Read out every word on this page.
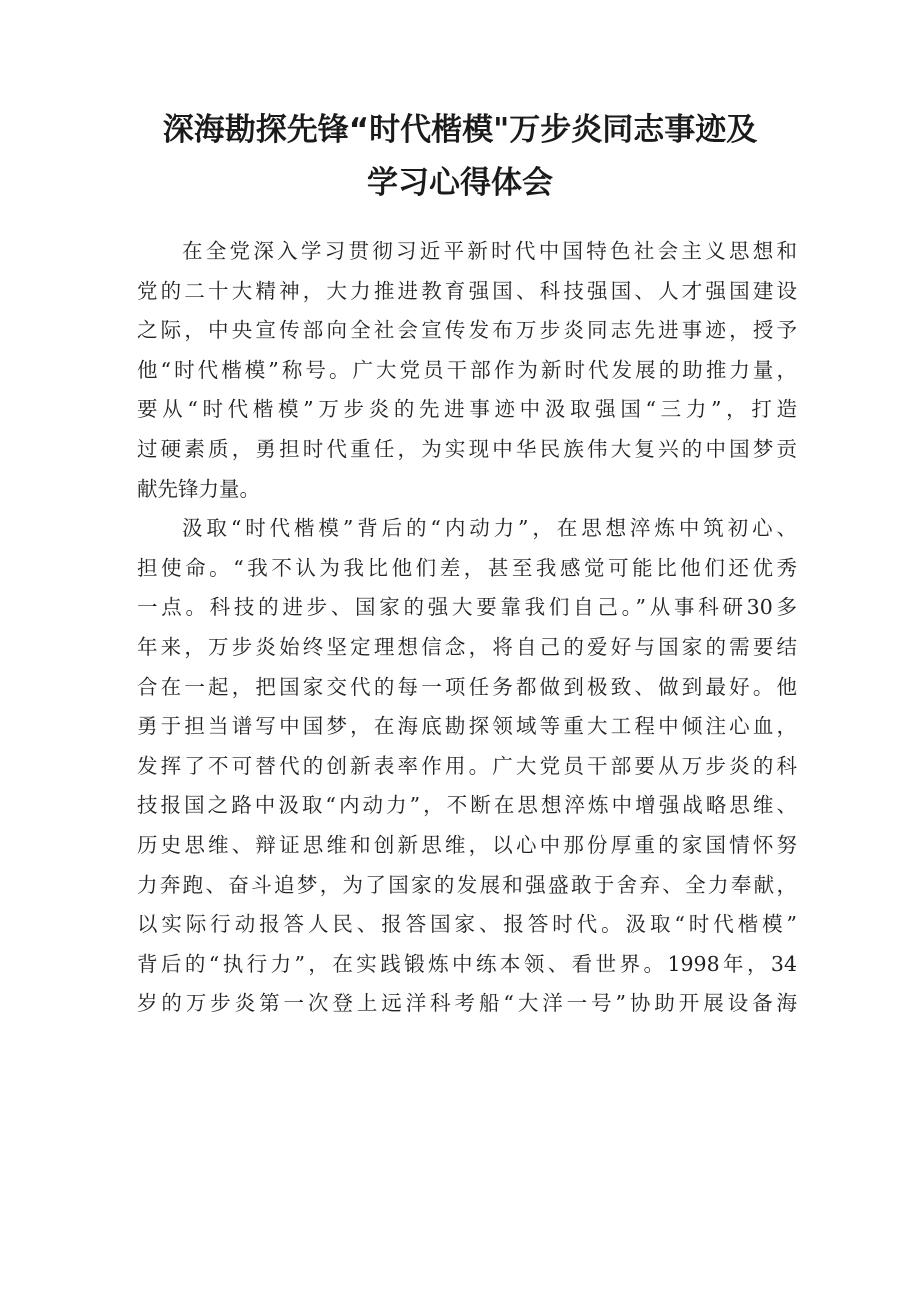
深海勘探先锋“时代楷模"万步炎同志事迹及
学习心得体会
在全党深入学习贯彻习近平新时代中国特色社会主义思想和
党的二十大精神，大力推进教育强国、科技强国、人才强国建设
之际，中央宣传部向全社会宣传发布万步炎同志先进事迹，授予
他“时代楷模”称号。广大党员干部作为新时代发展的助推力量，
要从“时代楷模”万步炎的先进事迹中汲取强国“三力”，打造
过硬素质，勇担时代重任，为实现中华民族伟大复兴的中国梦贡
献先锋力量。
汲取“时代楷模”背后的“内动力”，在思想淬炼中筑初心、
担使命。“我不认为我比他们差，甚至我感觉可能比他们还优秀
一点。科技的进步、国家的强大要靠我们自己。”从事科研30多
年来，万步炎始终坚定理想信念，将自己的爱好与国家的需要结
合在一起，把国家交代的每一项任务都做到极致、做到最好。他
勇于担当谱写中国梦，在海底勘探领域等重大工程中倾注心血，
发挥了不可替代的创新表率作用。广大党员干部要从万步炎的科
技报国之路中汲取“内动力”，不断在思想淬炼中增强战略思维、
历史思维、辩证思维和创新思维，以心中那份厚重的家国情怀努
力奔跑、奋斗追梦，为了国家的发展和强盛敢于舍弃、全力奉献，
以实际行动报答人民、报答国家、报答时代。汲取“时代楷模”
背后的“执行力”，在实践锻炼中练本领、看世界。1998年，34
岁的万步炎第一次登上远洋科考船“大洋一号”协助开展设备海
